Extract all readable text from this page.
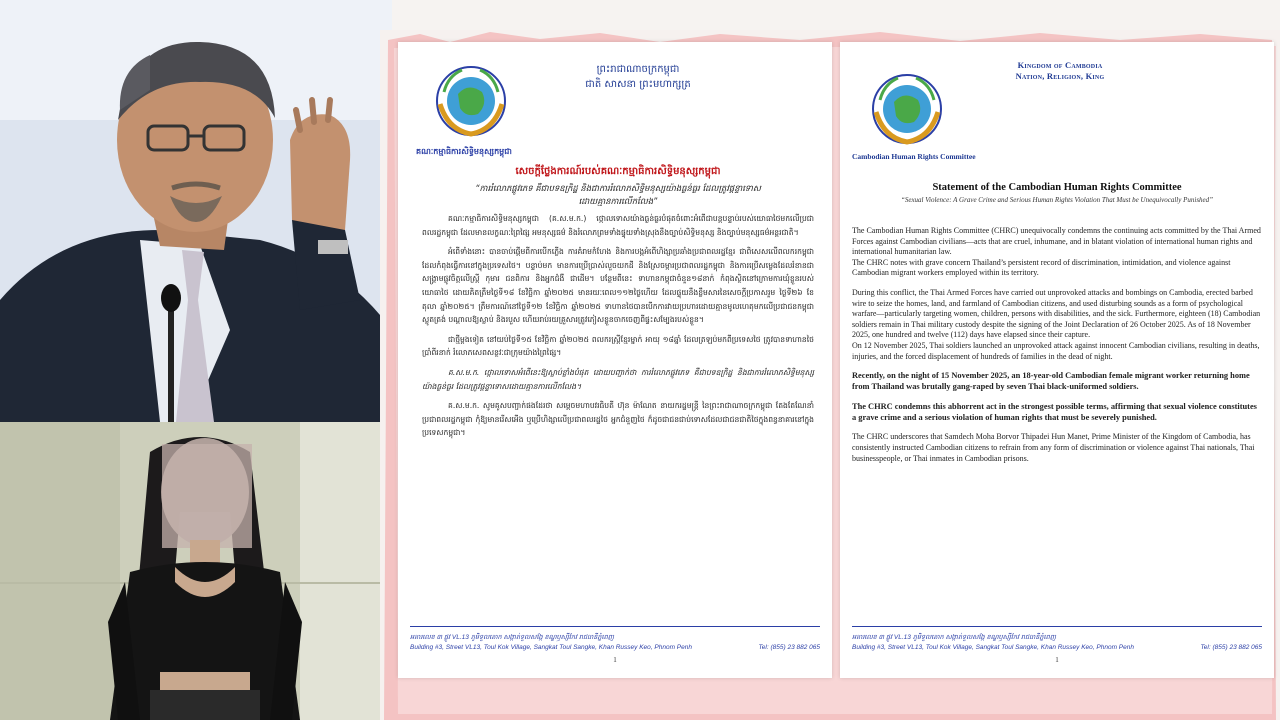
គណៈកម្មាធិការសិទ្ធិមនុស្សកម្ពុជា
ព្រះរាជាណាចក្រកម្ពុជា
ជាតិ សាសនា ព្រះមហាក្សត្រ
សេចក្តីថ្លែងការណ៍របស់គណៈកម្មាធិការសិទ្ធិមនុស្សកម្ពុជា
“ការរំលោភផ្លូវភេទ គឺជាបទឧក្រិដ្ឋ និងជាការរំលោភសិទ្ធិមនុស្សយ៉ាងធ្ងន់ធ្ងរ ដែលត្រូវផ្តន្ទាទោស
ដោយគ្មានការលើកលែង”

គណៈកម្មាធិការសិទ្ធិមនុស្សកម្ពុជា (គ.ស.ម.ក.) ថ្កោលទោសយ៉ាងធ្ងន់ធ្ងរបំផុតចំពោះអំពើជាបន្តបន្ទាប់របស់យោធាថៃមកលើប្រជាពលរដ្ឋកម្ពុជា ដែលមានលក្ខណៈព្រៃផ្សៃ អមនុស្សធម៌ និងរំលោភព្រមទាំងផ្ទុយទាំងស្រុងនឹងច្បាប់សិទ្ធិមនុស្ស និងច្បាប់មនុស្សធម៌អន្តរជាតិ។

អំពើទាំងនោះ បានចាប់ផ្តើមពីការបើកភ្លើង ការគំរាមកំហែង និងការបង្កអំពើហិង្សាប្រឆាំងប្រជាពលរដ្ឋខ្មែរ ជាពិសេសលើពលករកម្ពុជា ដែលកំពុងធ្វើការនៅក្នុងប្រទេសថៃ។ បន្ទាប់មក មានការប្រើប្រាស់លួចយកដី និងស្រែចម្ការប្រជាពលរដ្ឋកម្ពុជា និងការប្រើសម្លេងដែលរំខានជាសង្គ្រាមផ្លូវចិត្តលើស្ត្រី កុមារ ជនពិការ និងអ្នកជំងឺ ជាដើម។ បន្ថែមពីនេះ ទាហានកម្ពុជាចំនួន១៨នាក់ កំពុងស្ថិតនៅក្រោមការឃុំខ្លួនរបស់យោធាថៃ ដោយគិតត្រឹមថ្ងៃទី១៨ ខែវិច្ឆិកា ឆ្នាំ២០២៥ មានរយៈពេល១១២ថ្ងៃហើយ ដែលផ្ទុយនឹងខ្លឹមសារនៃសេចក្តីប្រកាសរួម ថ្ងៃទី២៦ ខែតុលា ឆ្នាំ២០២៥។ ត្រឹមការណ៍នៅថ្ងៃទី១២ ខែវិច្ឆិកា ឆ្នាំ២០២៥ ទាហានថៃបានបើកការវាយប្រហារដោយគ្មានមូលហេតុមកលើប្រជាជនកម្ពុជាស្លូតត្រង់ បណ្តាលឱ្យស្លាប់ និងរបួស ហើយរាប់រយគ្រួសារត្រូវភៀសខ្លួនចាកចេញពីផ្ទះសម្បែងរបស់ខ្លួន។

ជាថ្មីម្តងទៀត នៅយប់ថ្ងៃទី១៥ ខែវិច្ឆិកា ឆ្នាំ២០២៥ ពលករស្ត្រីខ្មែរម្នាក់ អាយុ ១៨ឆ្នាំ ដែលត្រឡប់មកពីប្រទេសថៃ ត្រូវបានទាហានថៃប្រាំពីរនាក់ រំលោភសេពសន្ថវៈជាក្រុមយ៉ាងព្រៃផ្សៃ។

គ.ស.ម.ក. ថ្កោលទោសអំពើនេះឱ្យស្លាប់ខ្លាំងបំផុត ដោយបញ្ជាក់ថា ការរំលោភផ្លូវភេទ គឺជាបទឧក្រិដ្ឋ និងជាការរំលោភសិទ្ធិមនុស្សយ៉ាងធ្ងន់ធ្ងរ ដែលត្រូវផ្តន្ទាទោសដោយគ្មានការលើកលែង។

គ.ស.ម.ក. សូមគូសបញ្ជាក់ផងដែរថា សម្តេចមហាបវរធិបតី ហ៊ុន ម៉ាណែត នាយករដ្ឋមន្ត្រី នៃព្រះរាជាណាចក្រកម្ពុជា តែងតែណែនាំប្រជាពលរដ្ឋកម្ពុជា កុំឱ្យមានរើសអើង ឬប្រើហិង្សាលើប្រជាពលរដ្ឋថៃ អ្នកជំនួញថៃ ក៏ដូចជាជនជាប់ទោសដែលជាជនជាតិថៃក្នុងពន្ធនាគារនៅក្នុងប្រទេសកម្ពុជា។

អគារលេខ ៣ ផ្លូវ VL.13 ភូមិទួលគោក សង្កាត់ទួលសង្កែ ខណ្ឌឫស្សីកែវ រាជធានីភ្នំពេញ
Building #3, Street VL13, Toul Kok Village, Sangkat Toul Sangke, Khan Russey Keo, Phnom Penh	Tel: (855) 23 882 065
1
Cambodian Human Rights Committee
Kingdom of Cambodia
Nation, Religion, King
Statement of the Cambodian Human Rights Committee
“Sexual Violence: A Grave Crime and Serious Human Rights Violation That Must be Unequivocally Punished”

The Cambodian Human Rights Committee (CHRC) unequivocally condemns the continuing acts committed by the Thai Armed Forces against Cambodian civilians—acts that are cruel, inhumane, and in blatant violation of international human rights and international humanitarian law.
The CHRC notes with grave concern Thailand’s persistent record of discrimination, intimidation, and violence against Cambodian migrant workers employed within its territory.

During this conflict, the Thai Armed Forces have carried out unprovoked attacks and bombings on Cambodia, erected barbed wire to seize the homes, land, and farmland of Cambodian citizens, and used disturbing sounds as a form of psychological warfare—particularly targeting women, children, persons with disabilities, and the sick. Furthermore, eighteen (18) Cambodian soldiers remain in Thai military custody despite the signing of the Joint Declaration of 26 October 2025. As of 18 November 2025, one hundred and twelve (112) days have elapsed since their capture.
On 12 November 2025, Thai soldiers launched an unprovoked attack against innocent Cambodian civilians, resulting in deaths, injuries, and the forced displacement of hundreds of families in the dead of night.

Recently, on the night of 15 November 2025, an 18-year-old Cambodian female migrant worker returning home from Thailand was brutally gang-raped by seven Thai black-uniformed soldiers.

The CHRC condemns this abhorrent act in the strongest possible terms, affirming that sexual violence constitutes a grave crime and a serious violation of human rights that must be severely punished.

The CHRC underscores that Samdech Moha Borvor Thipadei Hun Manet, Prime Minister of the Kingdom of Cambodia, has consistently instructed Cambodian citizens to refrain from any form of discrimination or violence against Thai nationals, Thai businesspeople, or Thai inmates in Cambodian prisons.

អគារលេខ ៣ ផ្លូវ VL.13 ភូមិទួលគោក សង្កាត់ទួលសង្កែ ខណ្ឌឫស្សីកែវ រាជធានីភ្នំពេញ
Building #3, Street VL13, Toul Kok Village, Sangkat Toul Sangke, Khan Russey Keo, Phnom Penh	Tel: (855) 23 882 065
1
